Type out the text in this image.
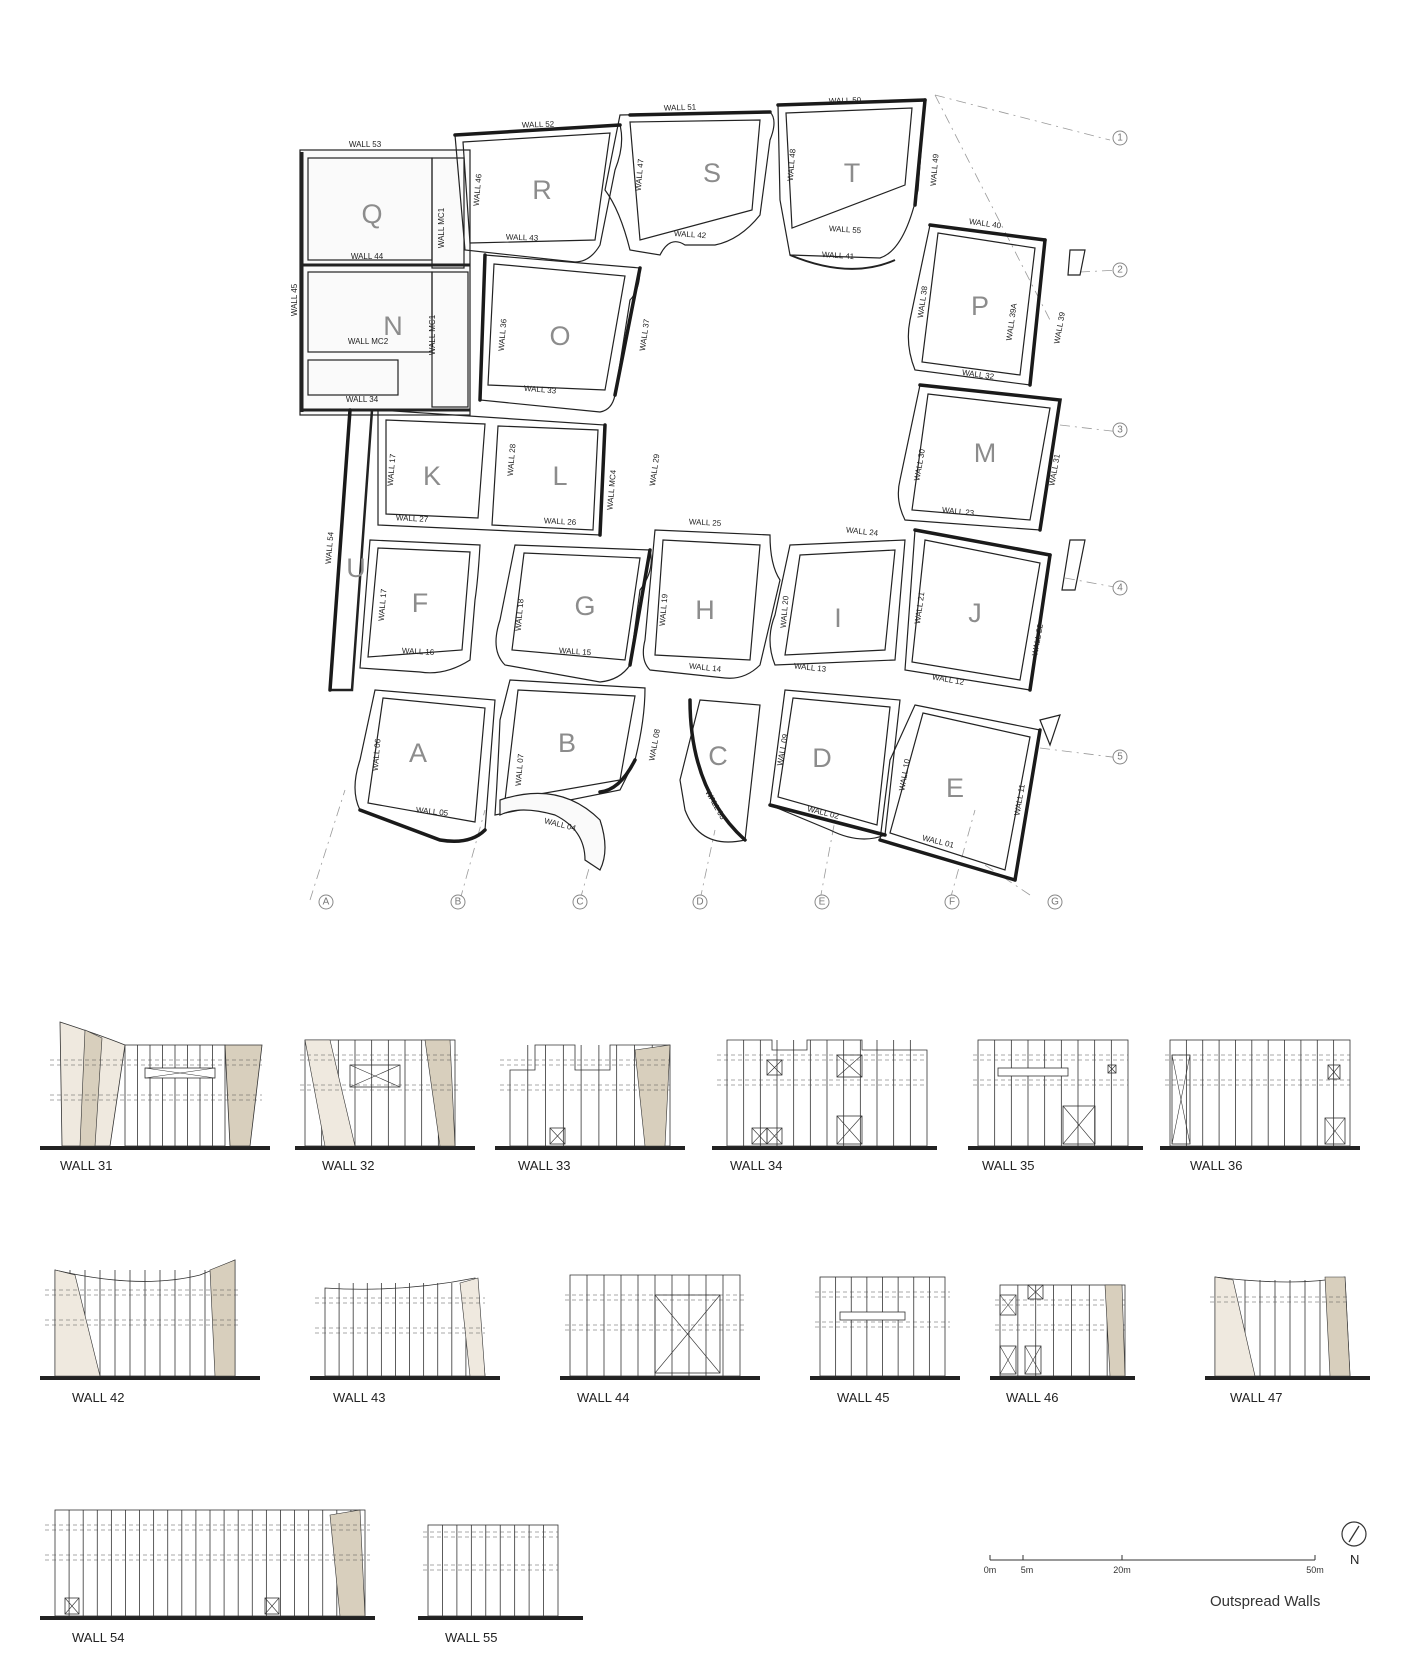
A	B	C	D	E	F	G
1
2
3
4
5
A	B	C	D
E
F	G	H	I	J
K	L
M
N	O
P
Q
R
S	T
U
WALL 01
WALL 02
WALL 03
WALL 04
WALL 05
WALL 06	WALL 07
WALL 08	WALL 09
WALL 10
WALL 11
WALL 12
WALL 13
WALL 14
WALL 15
WALL 16
WALL 17	WALL 18	WALL 19	WALL 20	WALL 21
WALL 22
WALL 23
WALL 24
WALL 25
WALL 26
WALL 27
WALL 28	WALL 29	WALL 30	WALL 31
WALL 32
WALL 33
WALL 34
WALL 36	WALL 37
WALL 38
WALL 39
WALL 39A
WALL 40
WALL 41
WALL 42
WALL 43
WALL 44
WALL 45
WALL 46	WALL 47	WALL 48	WALL 49
WALL 50
WALL 51
WALL 52
WALL 53
WALL 54
WALL 55
WALL MC1
WALL MC1
WALL MC2
WALL MC4
WALL 17
WALL 31	WALL 32	WALL 33	WALL 34	WALL 35	WALL 36
WALL 42	WALL 43	WALL 44	WALL 45	WALL 46	WALL 47
WALL 54	WALL 55
0m	5m	20m	50m
N
Outspread Walls
